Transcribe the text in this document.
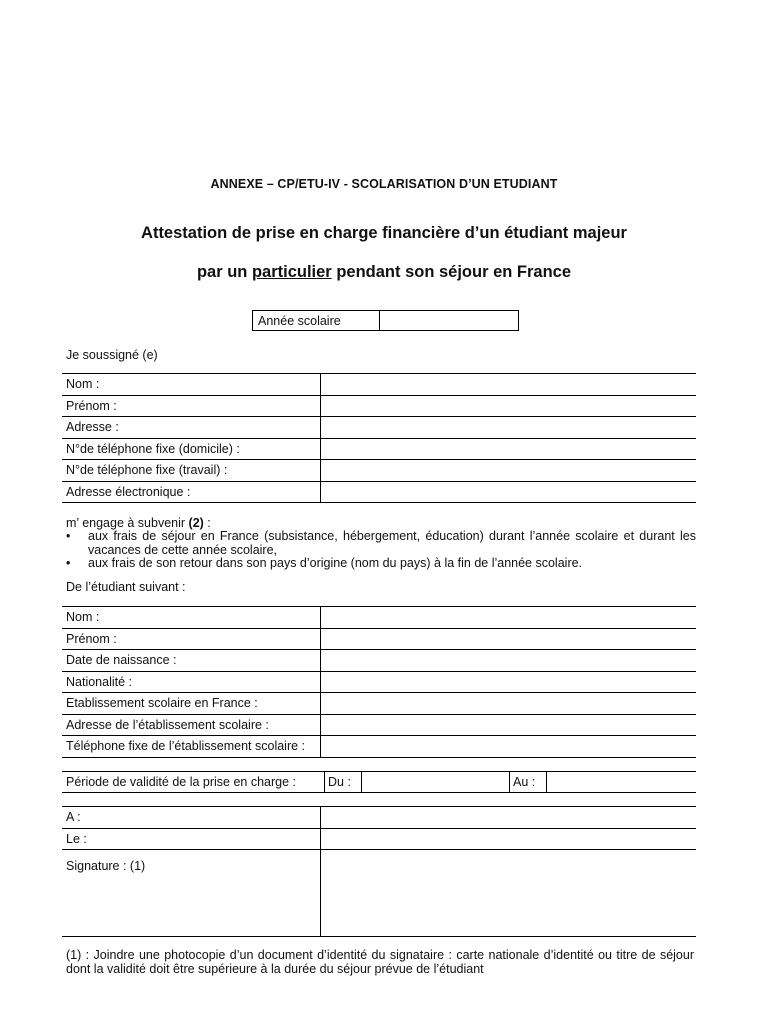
ANNEXE – CP/ETU-IV - SCOLARISATION D’UN ETUDIANT
Attestation de prise en charge financière d’un étudiant majeur
par un particulier pendant son séjour en France
Année scolaire
Je soussigné (e)
Nom :	
Prénom :	
Adresse :	
N°de téléphone fixe (domicile) :	
N°de téléphone fixe (travail) :	
Adresse électronique :	
m’ engage à subvenir (2) :
•	aux frais de séjour en France (subsistance, hébergement, éducation) durant l’année scolaire et durant les vacances de cette année scolaire,
•	aux frais de son retour dans son pays d’origine (nom du pays) à la fin de l’année scolaire.
De l’étudiant suivant :
Nom :	
Prénom :	
Date de naissance :	
Nationalité :	
Etablissement scolaire en France :	
Adresse de l’établissement scolaire :	
Téléphone fixe de l’établissement scolaire :	
Période de validité de la prise en charge :	Du :	Au :
A :	
Le :	
Signature : (1)	
(1) : Joindre une photocopie d’un document d’identité du signataire : carte nationale d’identité ou titre de séjour dont la validité doit être supérieure à la durée du séjour prévue de l’étudiant
